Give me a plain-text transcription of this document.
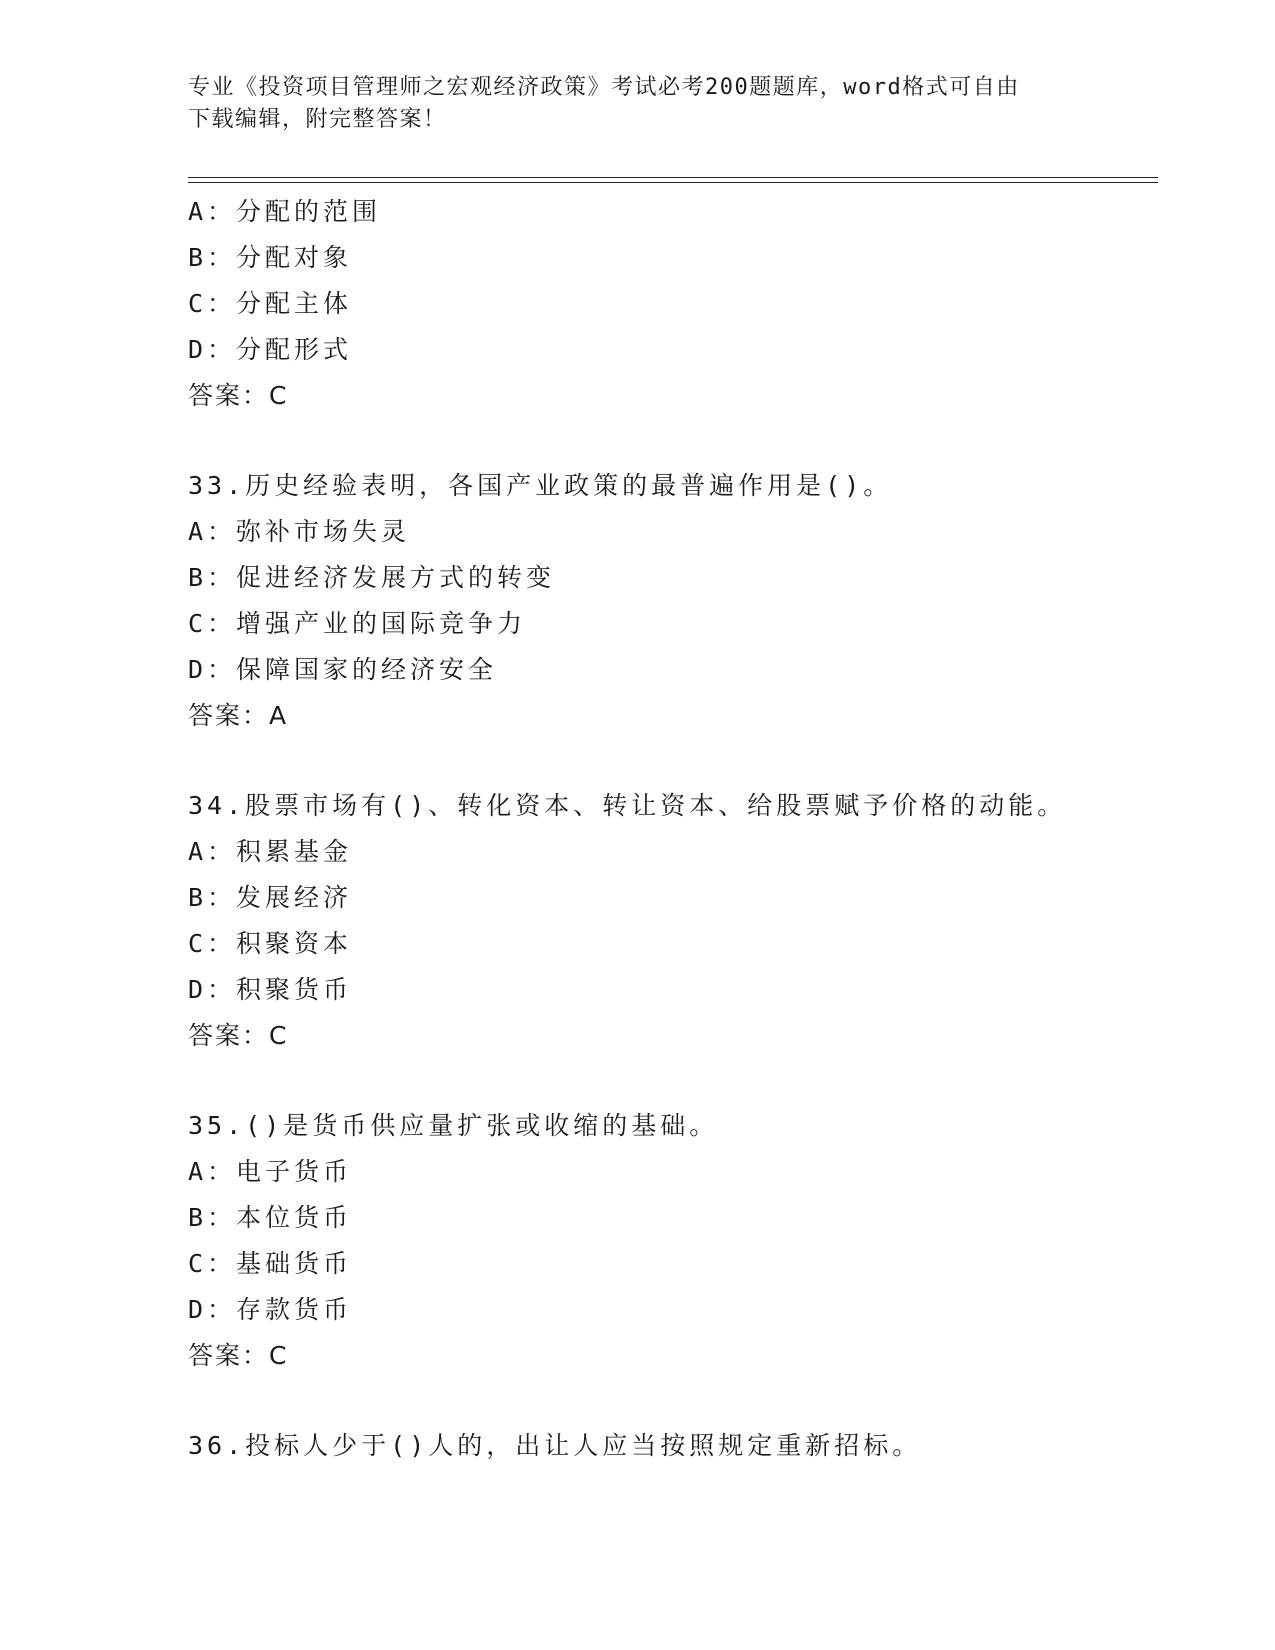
专业《投资项目管理师之宏观经济政策》考试必考200题题库，word格式可自由
下载编辑，附完整答案！
A：分配的范围
B：分配对象
C：分配主体
D：分配形式
答案：C
33.历史经验表明，各国产业政策的最普遍作用是()。
A：弥补市场失灵
B：促进经济发展方式的转变
C：增强产业的国际竞争力
D：保障国家的经济安全
答案：A
34.股票市场有()、转化资本、转让资本、给股票赋予价格的动能。
A：积累基金
B：发展经济
C：积聚资本
D：积聚货币
答案：C
35.()是货币供应量扩张或收缩的基础。
A：电子货币
B：本位货币
C：基础货币
D：存款货币
答案：C
36.投标人少于()人的，出让人应当按照规定重新招标。
